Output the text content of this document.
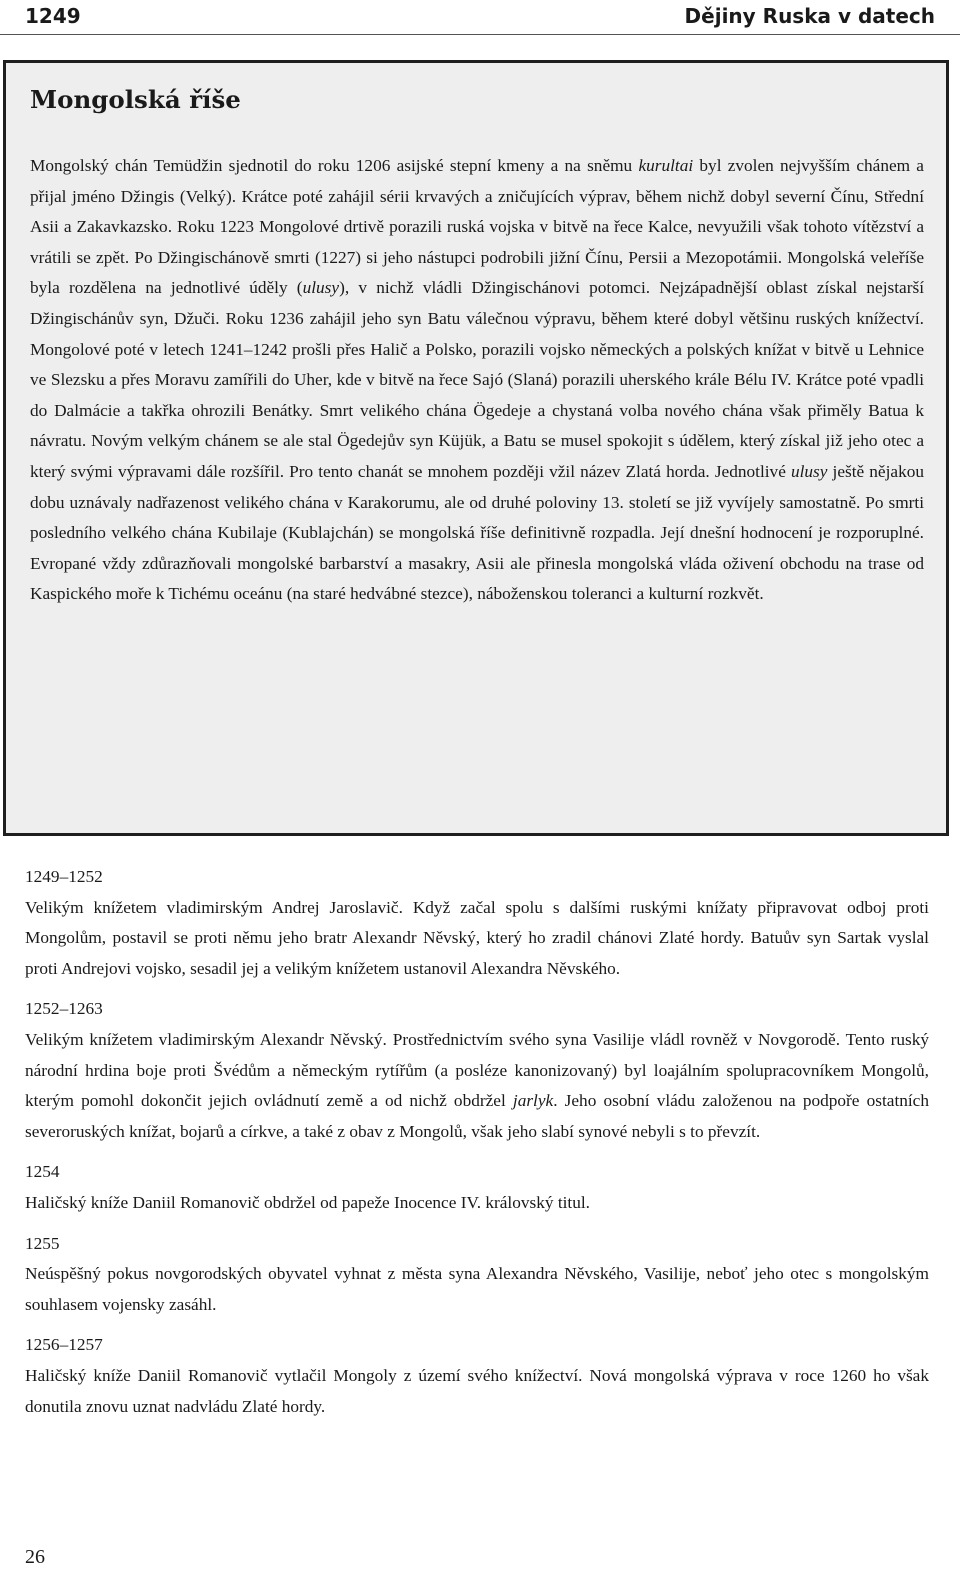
1249	Dějiny Ruska v datech
Mongolská říše
Mongolský chán Temüdžin sjednotil do roku 1206 asijské stepní kmeny a na sněmu kurultai byl zvolen nejvyšším chánem a přijal jméno Džingis (Velký). Krátce poté zahájil sérii krvavých a zničujících výprav, během nichž dobyl severní Čínu, Střední Asii a Zakavkazsko. Roku 1223 Mongolové drtivě porazili ruská vojska v bitvě na řece Kalce, nevyužili však tohoto vítězství a vrátili se zpět. Po Džingischánově smrti (1227) si jeho nástupci podrobili jižní Čínu, Persii a Mezopotámii. Mongolská veleříše byla rozdělena na jednotlivé úděly (ulusy), v nichž vládli Džingischánovi potomci. Nejzápadnější oblast získal nejstarší Džingischánův syn, Džuči. Roku 1236 zahájil jeho syn Batu válečnou výpravu, během které dobyl většinu ruských knížectví. Mongolové poté v letech 1241–1242 prošli přes Halič a Polsko, porazili vojsko německých a polských knížat v bitvě u Lehnice ve Slezsku a přes Moravu zamířili do Uher, kde v bitvě na řece Sajó (Slaná) porazili uherského krále Bélu IV. Krátce poté vpadli do Dalmácie a takřka ohrozili Benátky. Smrt velikého chána Ögedeje a chystaná volba nového chána však přiměly Batua k návratu. Novým velkým chánem se ale stal Ögedejův syn Küjük, a Batu se musel spokojit s údělem, který získal již jeho otec a který svými výpravami dále rozšířil. Pro tento chanát se mnohem později vžil název Zlatá horda. Jednotlivé ulusy ještě nějakou dobu uznávaly nadřazenost velikého chána v Karakorumu, ale od druhé poloviny 13. století se již vyvíjely samostatně. Po smrti posledního velkého chána Kubilaje (Kublajchán) se mongolská říše definitivně rozpadla. Její dnešní hodnocení je rozporuplné. Evropané vždy zdůrazňovali mongolské barbarství a masakry, Asii ale přinesla mongolská vláda oživení obchodu na trase od Kaspického moře k Tichému oceánu (na staré hedvábné stezce), náboženskou toleranci a kulturní rozkvět.
1249–1252
Velikým knížetem vladimirským Andrej Jaroslavič. Když začal spolu s dalšími ruskými knížaty připravovat odboj proti Mongolům, postavil se proti němu jeho bratr Alexandr Něvský, který ho zradil chánovi Zlaté hordy. Batuův syn Sartak vyslal proti Andrejovi vojsko, sesadil jej a velikým knížetem ustanovil Alexandra Něvského.
1252–1263
Velikým knížetem vladimirským Alexandr Něvský. Prostřednictvím svého syna Vasilije vládl rovněž v Novgorodě. Tento ruský národní hrdina boje proti Švédům a německým rytířům (a posléze kanonizovaný) byl loajálním spolupracovníkem Mongolů, kterým pomohl dokončit jejich ovládnutí země a od nichž obdržel jarlyk. Jeho osobní vládu založenou na podpoře ostatních severoruských knížat, bojarů a církve, a také z obav z Mongolů, však jeho slabí synové nebyli s to převzít.
1254
Haličský kníže Daniil Romanovič obdržel od papeže Inocence IV. královský titul.
1255
Neúspěšný pokus novgorodských obyvatel vyhnat z města syna Alexandra Něvského, Vasilije, neboť jeho otec s mongolským souhlasem vojensky zasáhl.
1256–1257
Haličský kníže Daniil Romanovič vytlačil Mongoly z území svého knížectví. Nová mongolská výprava v roce 1260 ho však donutila znovu uznat nadvládu Zlaté hordy.
26
